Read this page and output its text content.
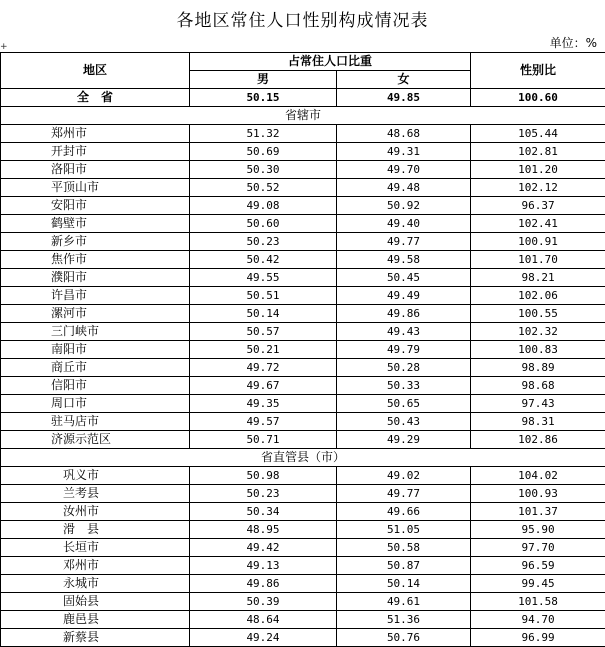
各地区常住人口性别构成情况表
+	单位：%
地区	占常住人口比重		性别比
	男	女	
全　省	50.15	49.85	100.60
省辖市			
郑州市	51.32	48.68	105.44
开封市	50.69	49.31	102.81
洛阳市	50.30	49.70	101.20
平顶山市	50.52	49.48	102.12
安阳市	49.08	50.92	96.37
鹤壁市	50.60	49.40	102.41
新乡市	50.23	49.77	100.91
焦作市	50.42	49.58	101.70
濮阳市	49.55	50.45	98.21
许昌市	50.51	49.49	102.06
漯河市	50.14	49.86	100.55
三门峡市	50.57	49.43	102.32
南阳市	50.21	49.79	100.83
商丘市	49.72	50.28	98.89
信阳市	49.67	50.33	98.68
周口市	49.35	50.65	97.43
驻马店市	49.57	50.43	98.31
济源示范区	50.71	49.29	102.86
省直管县（市）			
巩义市	50.98	49.02	104.02
兰考县	50.23	49.77	100.93
汝州市	50.34	49.66	101.37
滑　县	48.95	51.05	95.90
长垣市	49.42	50.58	97.70
邓州市	49.13	50.87	96.59
永城市	49.86	50.14	99.45
固始县	50.39	49.61	101.58
鹿邑县	48.64	51.36	94.70
新蔡县	49.24	50.76	96.99
